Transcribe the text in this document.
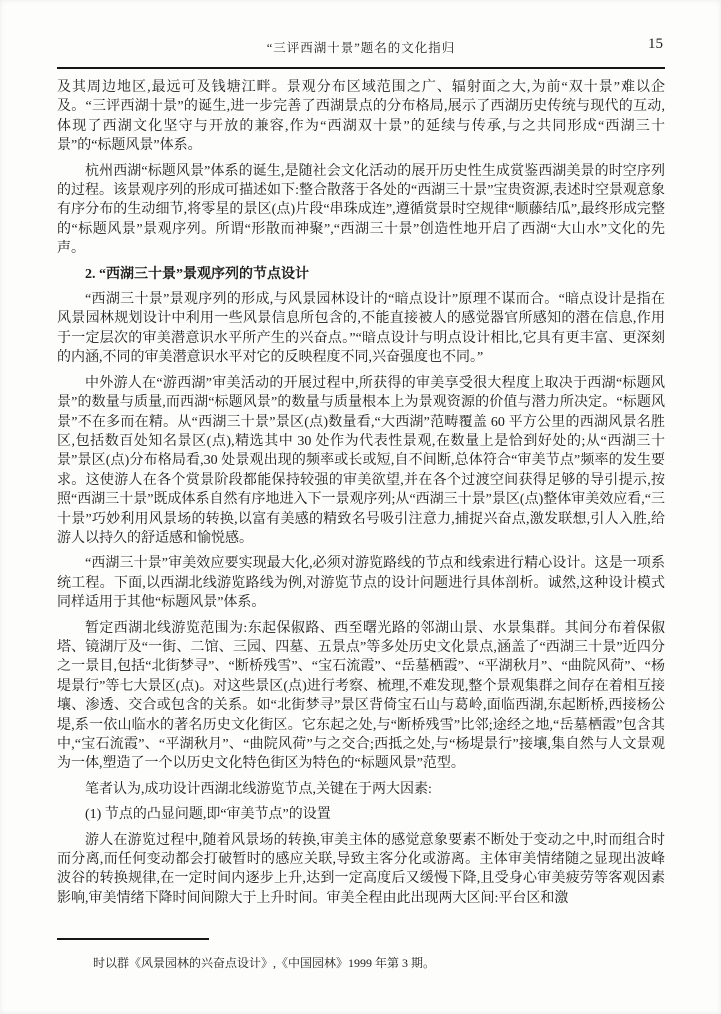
“三评西湖十景”题名的文化指归	15

及其周边地区,最远可及钱塘江畔。景观分布区域范围之广、辐射面之大,为前“双十景”难以企及。“三评西湖十景”的诞生,进一步完善了西湖景点的分布格局,展示了西湖历史传统与现代的互动,体现了西湖文化坚守与开放的兼容,作为“西湖双十景”的延续与传承,与之共同形成“西湖三十景”的“标题风景”体系。

杭州西湖“标题风景”体系的诞生,是随社会文化活动的展开历史性生成赏鉴西湖美景的时空序列的过程。该景观序列的形成可描述如下:整合散落于各处的“西湖三十景”宝贵资源,表述时空景观意象有序分布的生动细节,将零星的景区(点)片段“串珠成连”,遵循赏景时空规律“顺藤结瓜”,最终形成完整的“标题风景”景观序列。所谓“形散而神聚”,“西湖三十景”创造性地开启了西湖“大山水”文化的先声。

2. “西湖三十景”景观序列的节点设计

“西湖三十景”景观序列的形成,与风景园林设计的“暗点设计”原理不谋而合。“暗点设计是指在风景园林规划设计中利用一些风景信息所包含的,不能直接被人的感觉器官所感知的潜在信息,作用于一定层次的审美潜意识水平所产生的兴奋点。”“暗点设计与明点设计相比,它具有更丰富、更深刻的内涵,不同的审美潜意识水平对它的反映程度不同,兴奋强度也不同。”

中外游人在“游西湖”审美活动的开展过程中,所获得的审美享受很大程度上取决于西湖“标题风景”的数量与质量,而西湖“标题风景”的数量与质量根本上为景观资源的价值与潜力所决定。“标题风景”不在多而在精。从“西湖三十景”景区(点)数量看,“大西湖”范畴覆盖 60 平方公里的西湖风景名胜区,包括数百处知名景区(点),精选其中 30 处作为代表性景观,在数量上是恰到好处的;从“西湖三十景”景区(点)分布格局看,30 处景观出现的频率或长或短,自不间断,总体符合“审美节点”频率的发生要求。这使游人在各个赏景阶段都能保持较强的审美欲望,并在各个过渡空间获得足够的导引提示,按照“西湖三十景”既成体系自然有序地进入下一景观序列;从“西湖三十景”景区(点)整体审美效应看,“三十景”巧妙利用风景场的转换,以富有美感的精致名号吸引注意力,捕捉兴奋点,激发联想,引人入胜,给游人以持久的舒适感和愉悦感。

“西湖三十景”审美效应要实现最大化,必须对游览路线的节点和线索进行精心设计。这是一项系统工程。下面,以西湖北线游览路线为例,对游览节点的设计问题进行具体剖析。诚然,这种设计模式同样适用于其他“标题风景”体系。

暂定西湖北线游览范围为:东起保俶路、西至曙光路的邻湖山景、水景集群。其间分布着保俶塔、镜湖厅及“一街、二馆、三园、四墓、五景点”等多处历史文化景点,涵盖了“西湖三十景”近四分之一景目,包括“北街梦寻”、“断桥残雪”、“宝石流霞”、“岳墓栖霞”、“平湖秋月”、“曲院风荷”、“杨堤景行”等七大景区(点)。对这些景区(点)进行考察、梳理,不难发现,整个景观集群之间存在着相互接壤、渗透、交合或包含的关系。如“北街梦寻”景区背倚宝石山与葛岭,面临西湖,东起断桥,西接杨公堤,系一依山临水的著名历史文化街区。它东起之处,与“断桥残雪”比邻;途经之地,“岳墓栖霞”包含其中,“宝石流霞”、“平湖秋月”、“曲院风荷”与之交合;西抵之处,与“杨堤景行”接壤,集自然与人文景观为一体,塑造了一个以历史文化特色街区为特色的“标题风景”范型。

笔者认为,成功设计西湖北线游览节点,关键在于两大因素:

(1) 节点的凸显问题,即“审美节点”的设置

游人在游览过程中,随着风景场的转换,审美主体的感觉意象要素不断处于变动之中,时而组合时而分离,而任何变动都会打破暂时的感应关联,导致主客分化或游离。主体审美情绪随之显现出波峰波谷的转换规律,在一定时间内逐步上升,达到一定高度后又缓慢下降,且受身心审美疲劳等客观因素影响,审美情绪下降时间间隙大于上升时间。审美全程由此出现两大区间:平台区和激

时以群《风景园林的兴奋点设计》,《中国园林》1999 年第 3 期。
